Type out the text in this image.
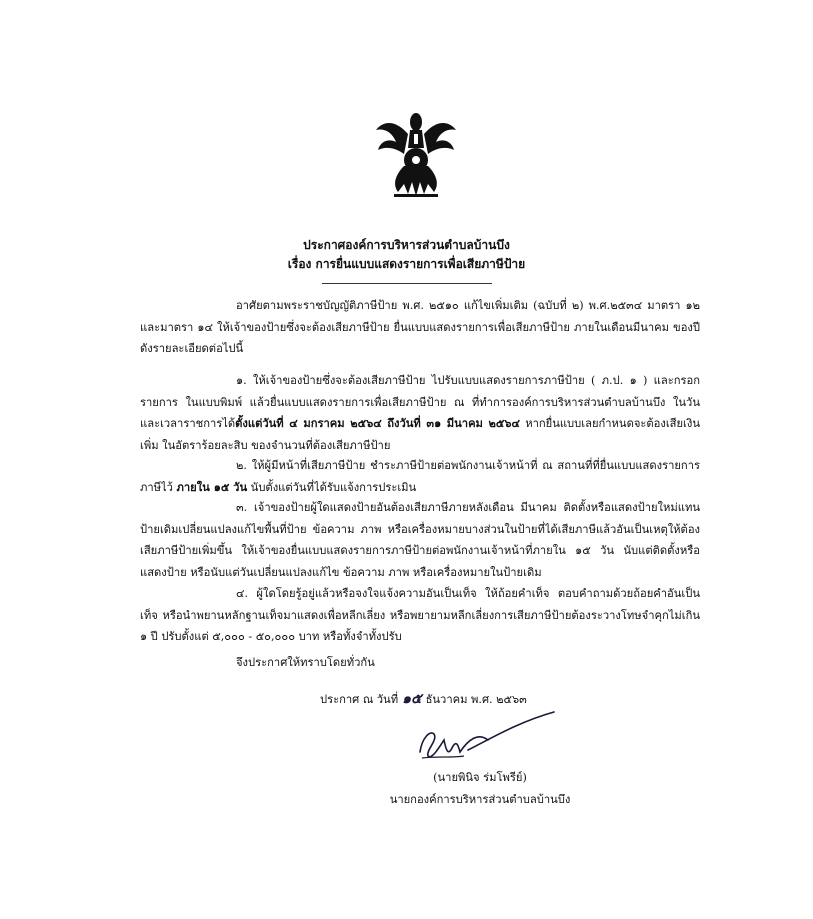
ประกาศองค์การบริหารส่วนตำบลบ้านบึง
เรื่อง การยื่นแบบแสดงรายการเพื่อเสียภาษีป้าย
อาศัยตามพระราชบัญญัติภาษีป้าย พ.ศ. ๒๕๑๐ แก้ไขเพิ่มเติม (ฉบับที่ ๒) พ.ศ.๒๕๓๔ มาตรา ๑๒ และมาตรา ๑๔ ให้เจ้าของป้ายซึ่งจะต้องเสียภาษีป้าย ยื่นแบบแสดงรายการเพื่อเสียภาษีป้าย ภายในเดือนมีนาคม ของปีดังรายละเอียดต่อไปนี้
๑. ให้เจ้าของป้ายซึ่งจะต้องเสียภาษีป้าย ไปรับแบบแสดงรายการภาษีป้าย ( ภ.ป. ๑ ) และกรอกรายการ ในแบบพิมพ์ แล้วยื่นแบบแสดงรายการเพื่อเสียภาษีป้าย ณ ที่ทำการองค์การบริหารส่วนตำบลบ้านบึง ในวันและเวลาราชการได้ตั้งแต่วันที่ ๔ มกราคม ๒๕๖๔ ถึงวันที่ ๓๑ มีนาคม ๒๕๖๔ หากยื่นแบบเลยกำหนดจะต้องเสียเงินเพิ่ม ในอัตราร้อยละสิบ ของจำนวนที่ต้องเสียภาษีป้าย
๒. ให้ผู้มีหน้าที่เสียภาษีป้าย ชำระภาษีป้ายต่อพนักงานเจ้าหน้าที่ ณ สถานที่ที่ยื่นแบบแสดงรายการภาษีไว้ ภายใน ๑๕ วัน นับตั้งแต่วันที่ได้รับแจ้งการประเมิน
๓. เจ้าของป้ายผู้ใดแสดงป้ายอันต้องเสียภาษีภายหลังเดือน มีนาคม ติดตั้งหรือแสดงป้ายใหม่แทนป้ายเดิมเปลี่ยนแปลงแก้ไขพื้นที่ป้าย ข้อความ ภาพ หรือเครื่องหมายบางส่วนในป้ายที่ได้เสียภาษีแล้วอันเป็นเหตุให้ต้องเสียภาษีป้ายเพิ่มขึ้น ให้เจ้าของยื่นแบบแสดงรายการภาษีป้ายต่อพนักงานเจ้าหน้าที่ภายใน ๑๕ วัน นับแต่ติดตั้งหรือแสดงป้าย หรือนับแต่วันเปลี่ยนแปลงแก้ไข ข้อความ ภาพ หรือเครื่องหมายในป้ายเดิม
๔. ผู้ใดโดยรู้อยู่แล้วหรือจงใจแจ้งความอันเป็นเท็จ ให้ถ้อยคำเท็จ ตอบคำถามด้วยถ้อยคำอันเป็นเท็จ หรือนำพยานหลักฐานเท็จมาแสดงเพื่อหลีกเลี่ยง หรือพยายามหลีกเลี่ยงการเสียภาษีป้ายต้องระวางโทษจำคุกไม่เกิน ๑ ปี ปรับตั้งแต่ ๕,๐๐๐ - ๕๐,๐๐๐ บาท หรือทั้งจำทั้งปรับ
จึงประกาศให้ทราบโดยทั่วกัน
ประกาศ ณ วันที่ ๑๕ ธันวาคม พ.ศ. ๒๕๖๓
(นายพินิจ ร่มโพรีย์)
นายกองค์การบริหารส่วนตำบลบ้านบึง
